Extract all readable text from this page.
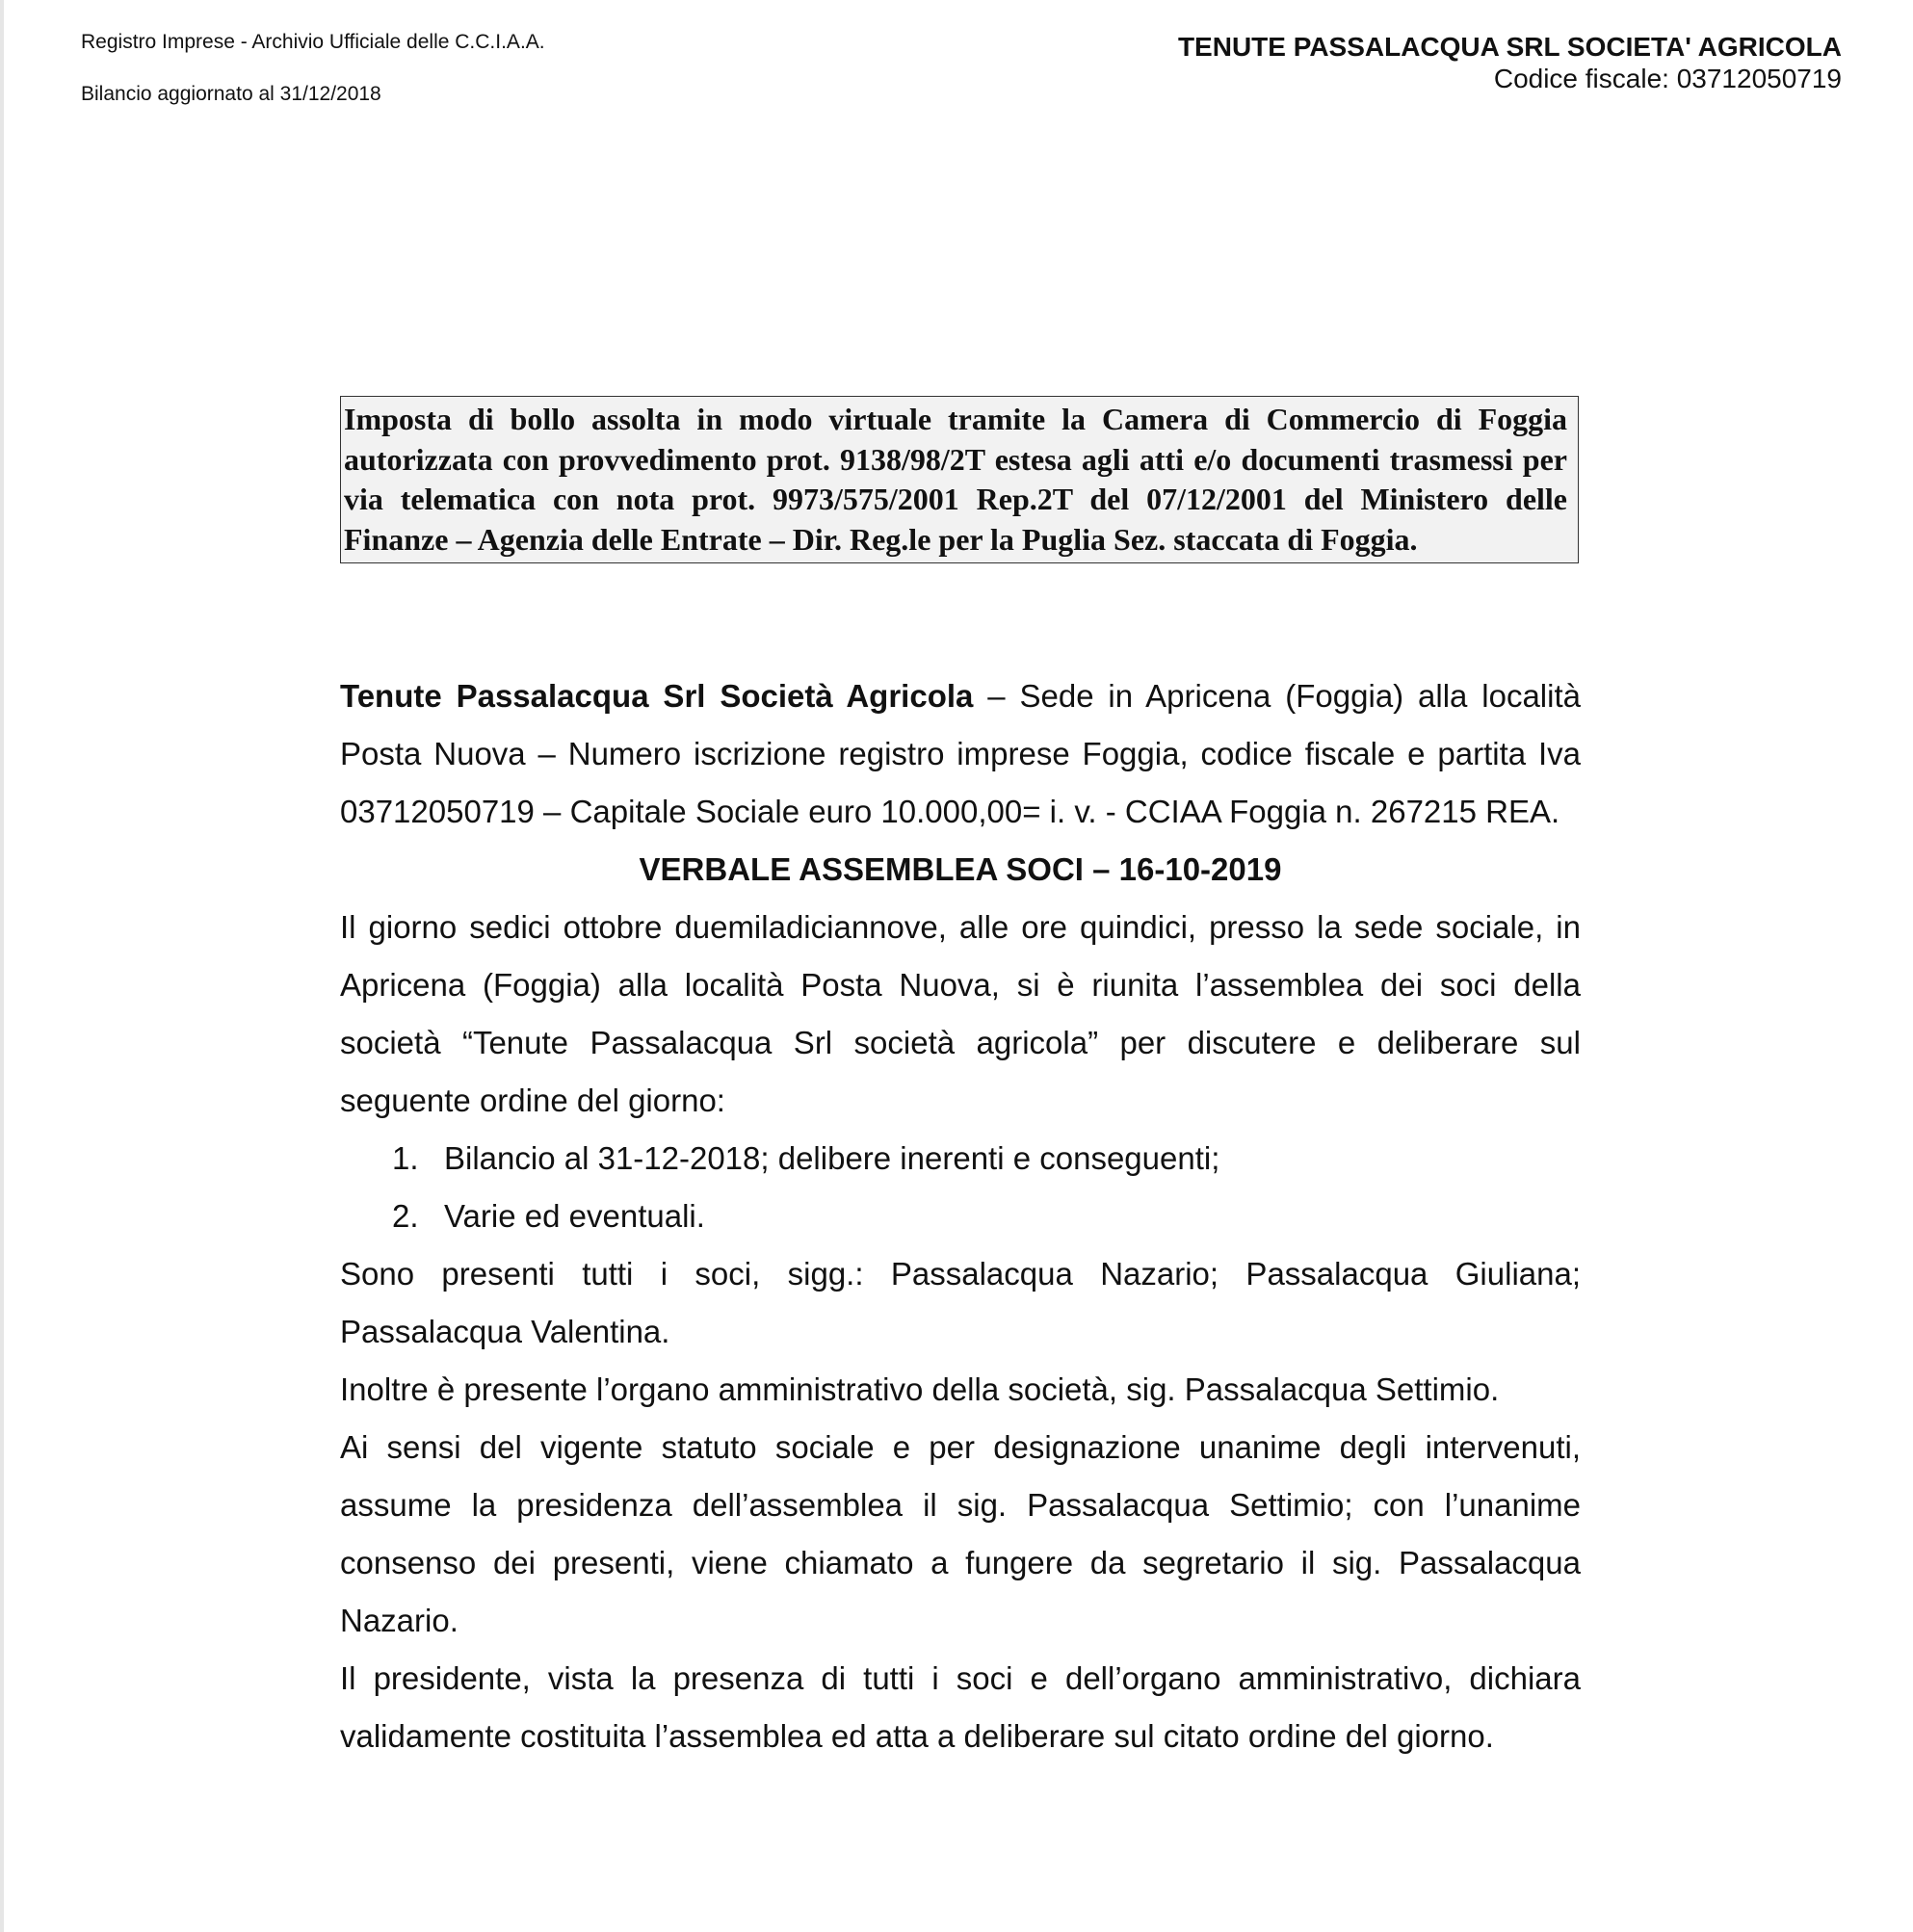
Registro Imprese - Archivio Ufficiale delle C.C.I.A.A.
Bilancio aggiornato al 31/12/2018
TENUTE PASSALACQUA SRL SOCIETA' AGRICOLA
Codice fiscale: 03712050719
Imposta di bollo assolta in modo virtuale tramite la Camera di Commercio di Foggia autorizzata con provvedimento prot. 9138/98/2T estesa agli atti e/o documenti trasmessi per via telematica con nota prot. 9973/575/2001 Rep.2T del 07/12/2001 del Ministero delle Finanze – Agenzia delle Entrate – Dir. Reg.le per la Puglia Sez. staccata di Foggia.

Tenute Passalacqua Srl Società Agricola – Sede in Apricena (Foggia) alla località Posta Nuova – Numero iscrizione registro imprese Foggia, codice fiscale e partita Iva 03712050719 – Capitale Sociale euro 10.000,00= i. v. - CCIAA Foggia n. 267215 REA.

VERBALE ASSEMBLEA SOCI – 16-10-2019

Il giorno sedici ottobre duemiladiciannove, alle ore quindici, presso la sede sociale, in Apricena (Foggia) alla località Posta Nuova, si è riunita l’assemblea dei soci della società “Tenute Passalacqua Srl società agricola” per discutere e deliberare sul seguente ordine del giorno:

1. Bilancio al 31-12-2018; delibere inerenti e conseguenti;
2. Varie ed eventuali.

Sono presenti tutti i soci, sigg.: Passalacqua Nazario; Passalacqua Giuliana; Passalacqua Valentina.

Inoltre è presente l’organo amministrativo della società, sig. Passalacqua Settimio.

Ai sensi del vigente statuto sociale e per designazione unanime degli intervenuti, assume la presidenza dell’assemblea il sig. Passalacqua Settimio; con l’unanime consenso dei presenti, viene chiamato a fungere da segretario il sig. Passalacqua Nazario.

Il presidente, vista la presenza di tutti i soci e dell’organo amministrativo, dichiara validamente costituita l’assemblea ed atta a deliberare sul citato ordine del giorno.
